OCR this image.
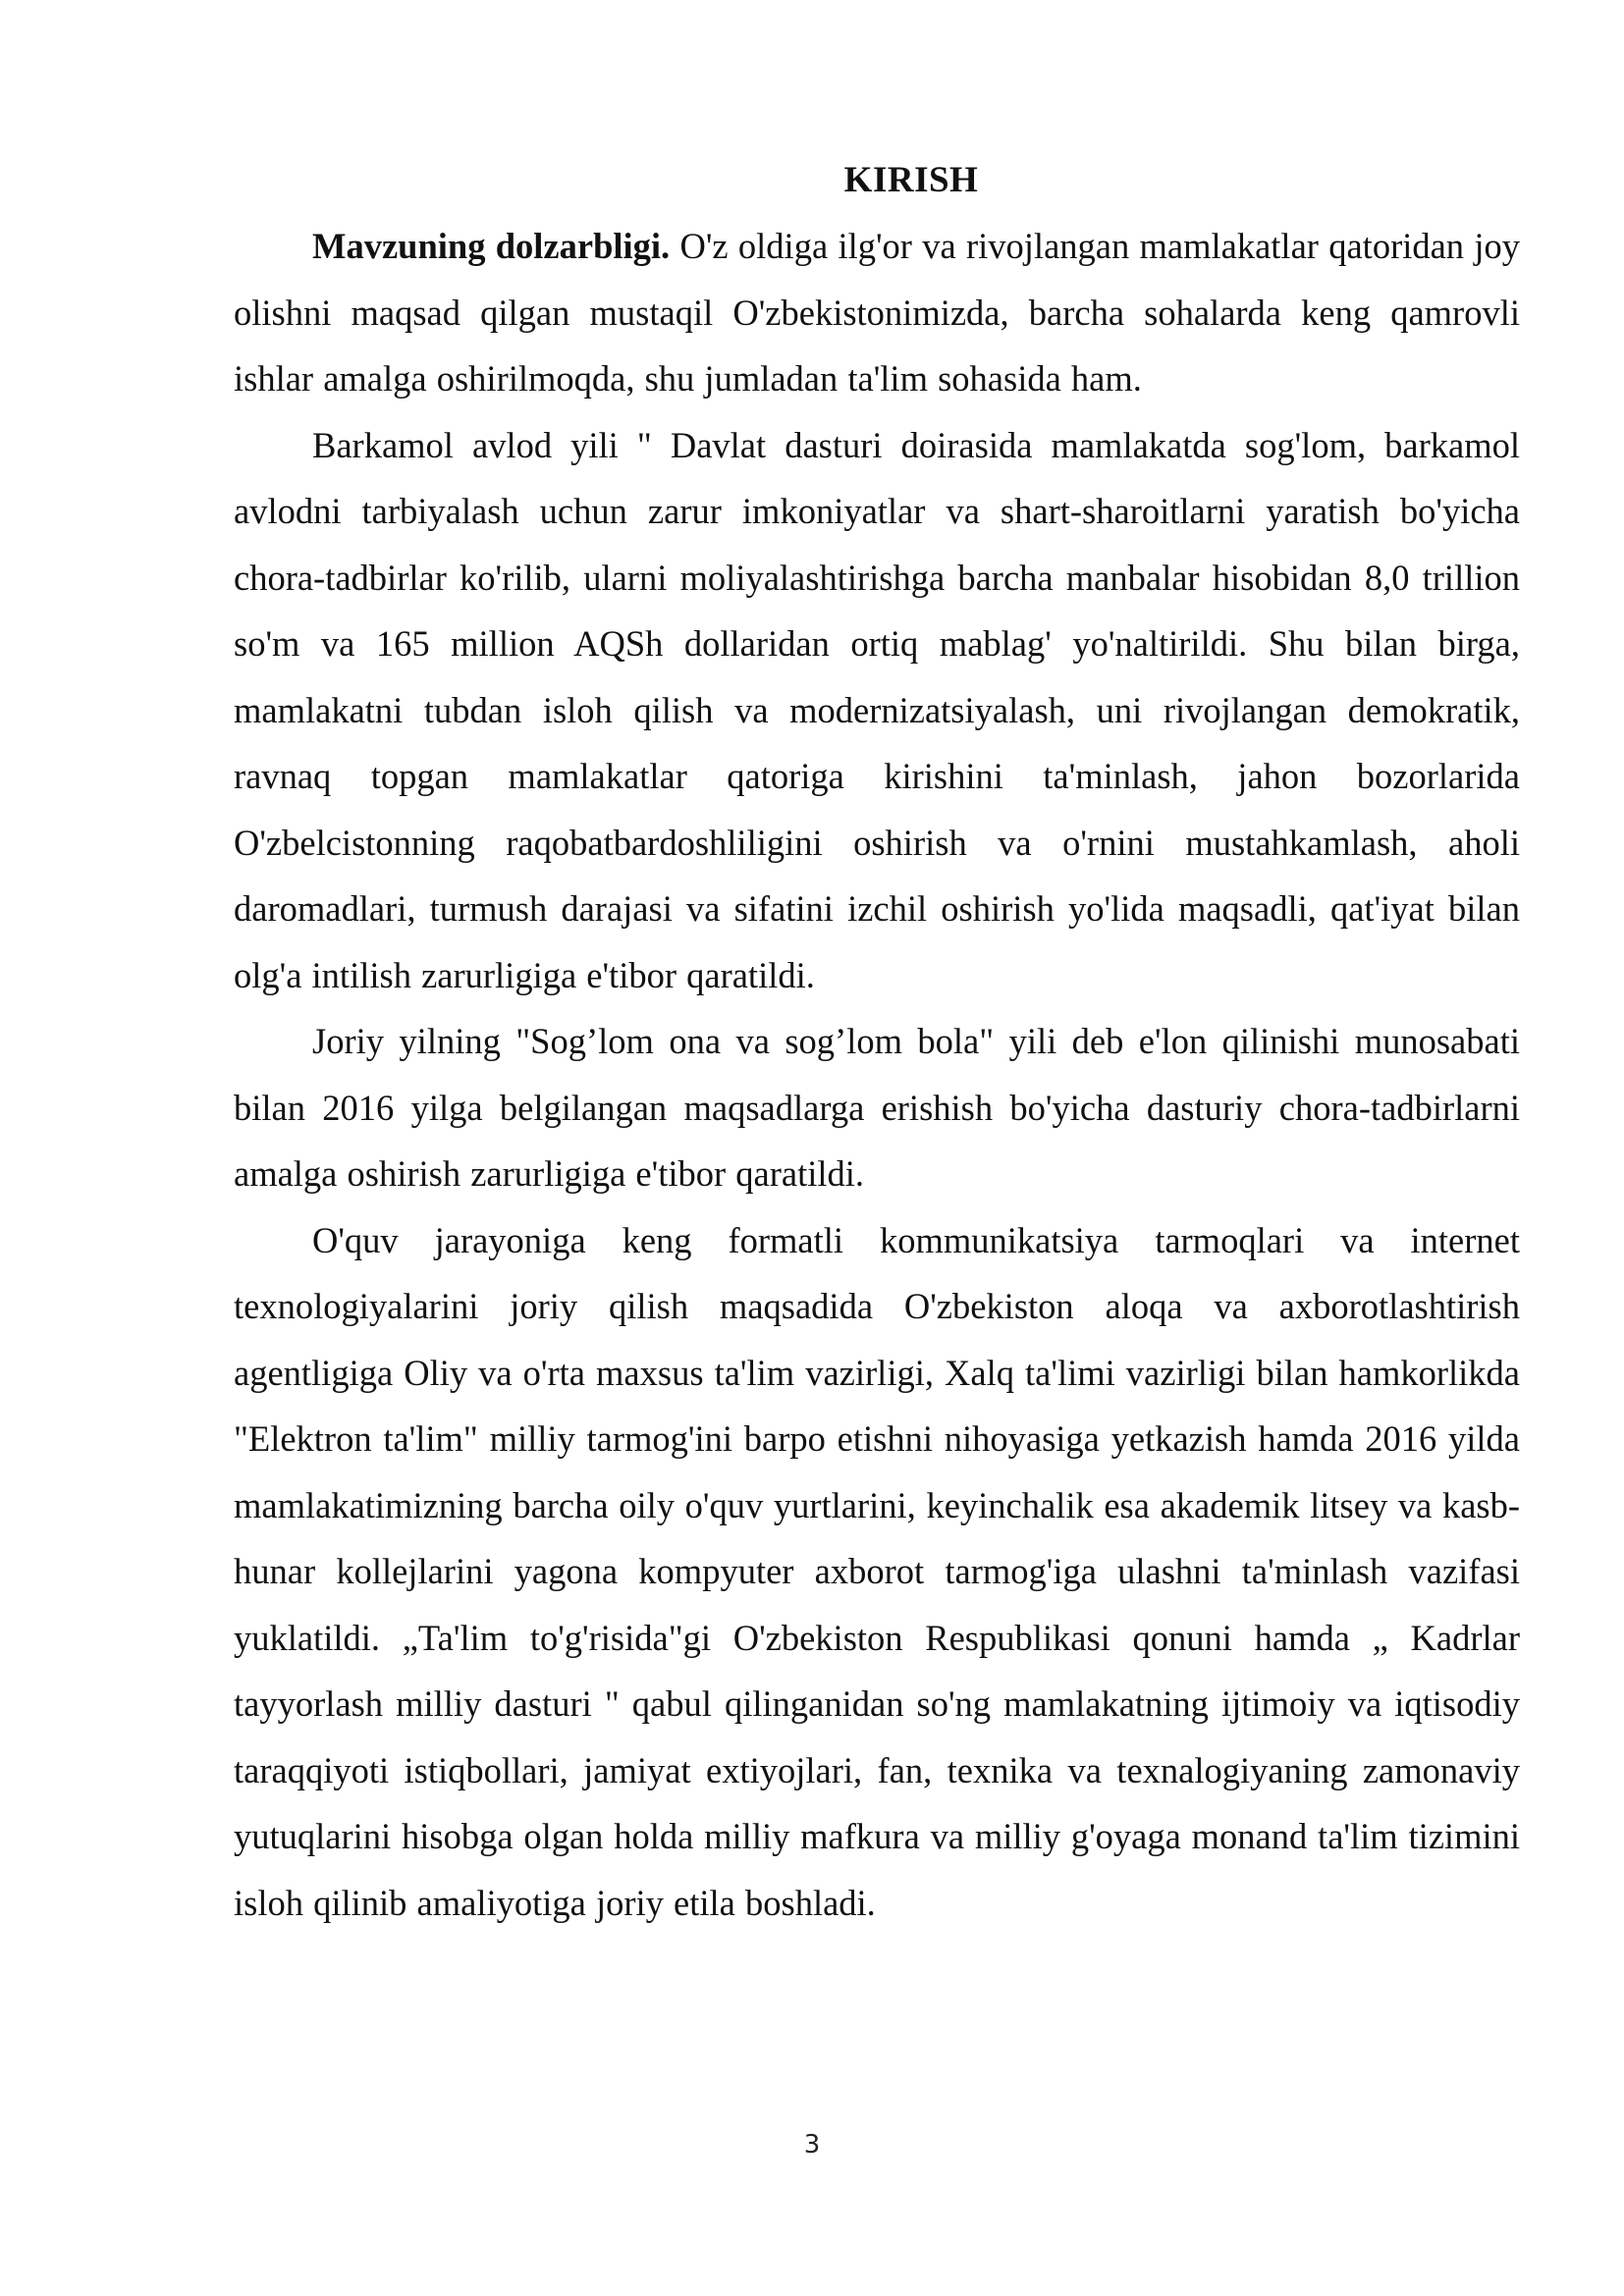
KIRISH

Mavzuning dolzarbligi. O'z oldiga ilg'or va rivojlangan mamlakatlar qatoridan joy olishni maqsad qilgan mustaqil O'zbekistonimizda, barcha sohalarda keng qamrovli ishlar amalga oshirilmoqda, shu jumladan ta'lim sohasida ham.

Barkamol avlod yili " Davlat dasturi doirasida mamlakatda sog'lom, barkamol avlodni tarbiyalash uchun zarur imkoniyatlar va shart-sharoitlarni yaratish bo'yicha chora-tadbirlar ko'rilib, ularni moliyalashtirishga barcha manbalar hisobidan 8,0 trillion so'm va 165 million AQSh dollaridan ortiq mablag' yo'naltirildi. Shu bilan birga, mamlakatni tubdan isloh qilish va modernizatsiyalash, uni rivojlangan demokratik, ravnaq topgan mamlakatlar qatoriga kirishini ta'minlash, jahon bozorlarida O'zbelcistonning raqobatbardoshliligini oshirish va o'rnini mustahkamlash, aholi daromadlari, turmush darajasi va sifatini izchil oshirish yo'lida maqsadli, qat'iyat bilan olg'a intilish zarurligiga e'tibor qaratildi.

Joriy yilning "Sog’lom ona va sog’lom bola" yili deb e'lon qilinishi munosabati bilan 2016 yilga belgilangan maqsadlarga erishish bo'yicha dasturiy chora-tadbirlarni amalga oshirish zarurligiga e'tibor qaratildi.

O'quv jarayoniga keng formatli kommunikatsiya tarmoqlari va internet texnologiyalarini joriy qilish maqsadida O'zbekiston aloqa va axborotlashtirish agentligiga Oliy va o'rta maxsus ta'lim vazirligi, Xalq ta'limi vazirligi bilan hamkorlikda "Elektron ta'lim" milliy tarmog'ini barpo etishni nihoyasiga yetkazish hamda 2016 yilda mamlakatimizning barcha oily o'quv yurtlarini, keyinchalik esa akademik litsey va kasb-hunar kollejlarini yagona kompyuter axborot tarmog'iga ulashni ta'minlash vazifasi yuklatildi. „Ta'lim to'g'risida"gi O'zbekiston Respublikasi qonuni hamda „ Kadrlar tayyorlash milliy dasturi " qabul qilinganidan so'ng mamlakatning ijtimoiy va iqtisodiy taraqqiyoti istiqbollari, jamiyat extiyojlari, fan, texnika va texnalogiyaning zamonaviy yutuqlarini hisobga olgan holda milliy mafkura va milliy g'oyaga monand ta'lim tizimini isloh qilinib amaliyotiga joriy etila boshladi.

3
